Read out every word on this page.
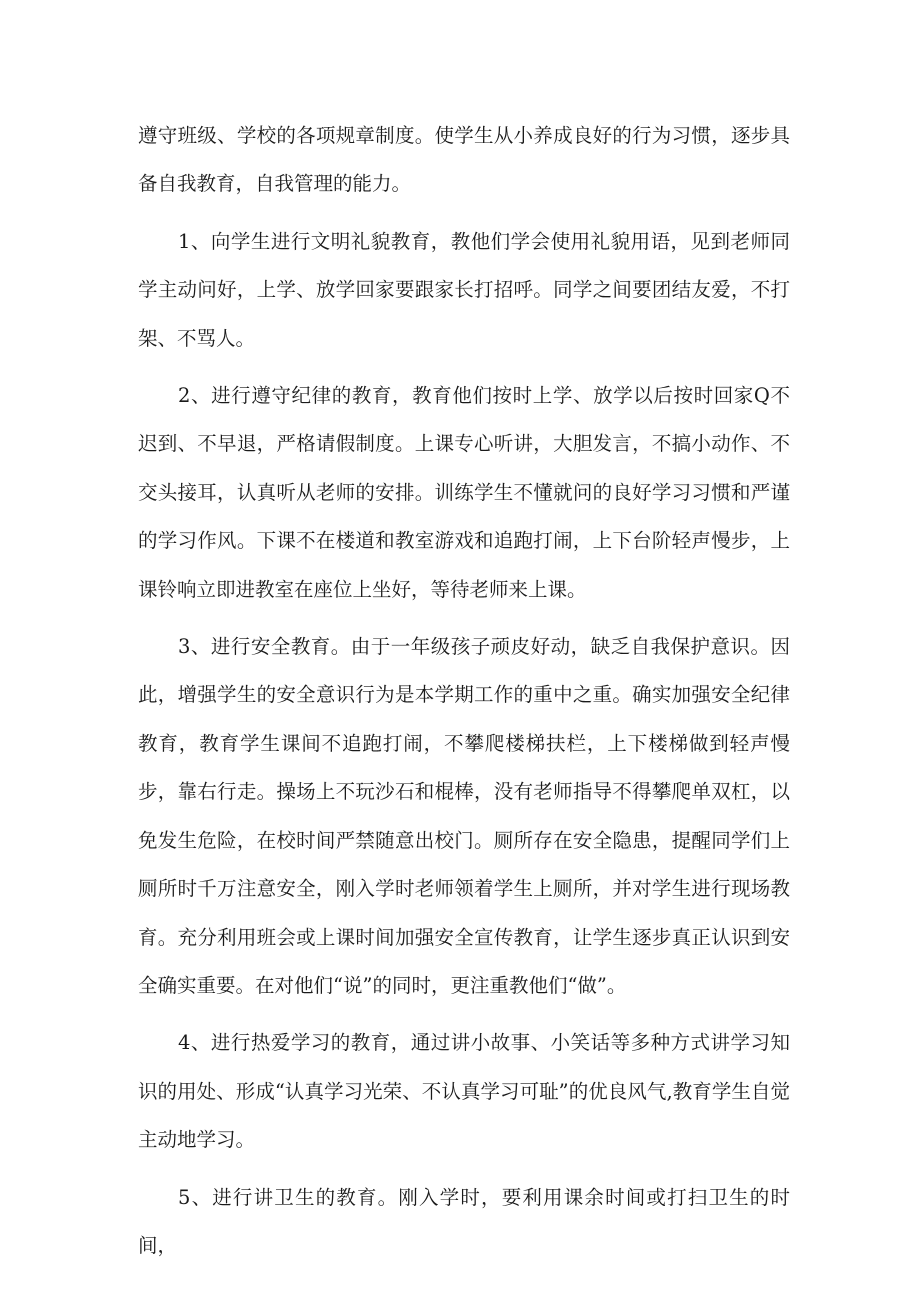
遵守班级、学校的各项规章制度。使学生从小养成良好的行为习惯，逐步具备自我教育，自我管理的能力。

1、向学生进行文明礼貌教育，教他们学会使用礼貌用语，见到老师同学主动问好，上学、放学回家要跟家长打招呼。同学之间要团结友爱，不打架、不骂人。

2、进行遵守纪律的教育，教育他们按时上学、放学以后按时回家Q不迟到、不早退，严格请假制度。上课专心听讲，大胆发言，不搞小动作、不交头接耳，认真听从老师的安排。训练学生不懂就问的良好学习习惯和严谨的学习作风。下课不在楼道和教室游戏和追跑打闹，上下台阶轻声慢步，上课铃响立即进教室在座位上坐好，等待老师来上课。

3、进行安全教育。由于一年级孩子顽皮好动，缺乏自我保护意识。因此，增强学生的安全意识行为是本学期工作的重中之重。确实加强安全纪律教育，教育学生课间不追跑打闹，不攀爬楼梯扶栏，上下楼梯做到轻声慢步，靠右行走。操场上不玩沙石和棍棒，没有老师指导不得攀爬单双杠，以免发生危险，在校时间严禁随意出校门。厕所存在安全隐患，提醒同学们上厕所时千万注意安全，刚入学时老师领着学生上厕所，并对学生进行现场教育。充分利用班会或上课时间加强安全宣传教育，让学生逐步真正认识到安全确实重要。在对他们“说”的同时，更注重教他们“做”。

4、进行热爱学习的教育，通过讲小故事、小笑话等多种方式讲学习知识的用处、形成“认真学习光荣、不认真学习可耻”的优良风气,教育学生自觉主动地学习。

5、进行讲卫生的教育。刚入学时，要利用课余时间或打扫卫生的时间，
